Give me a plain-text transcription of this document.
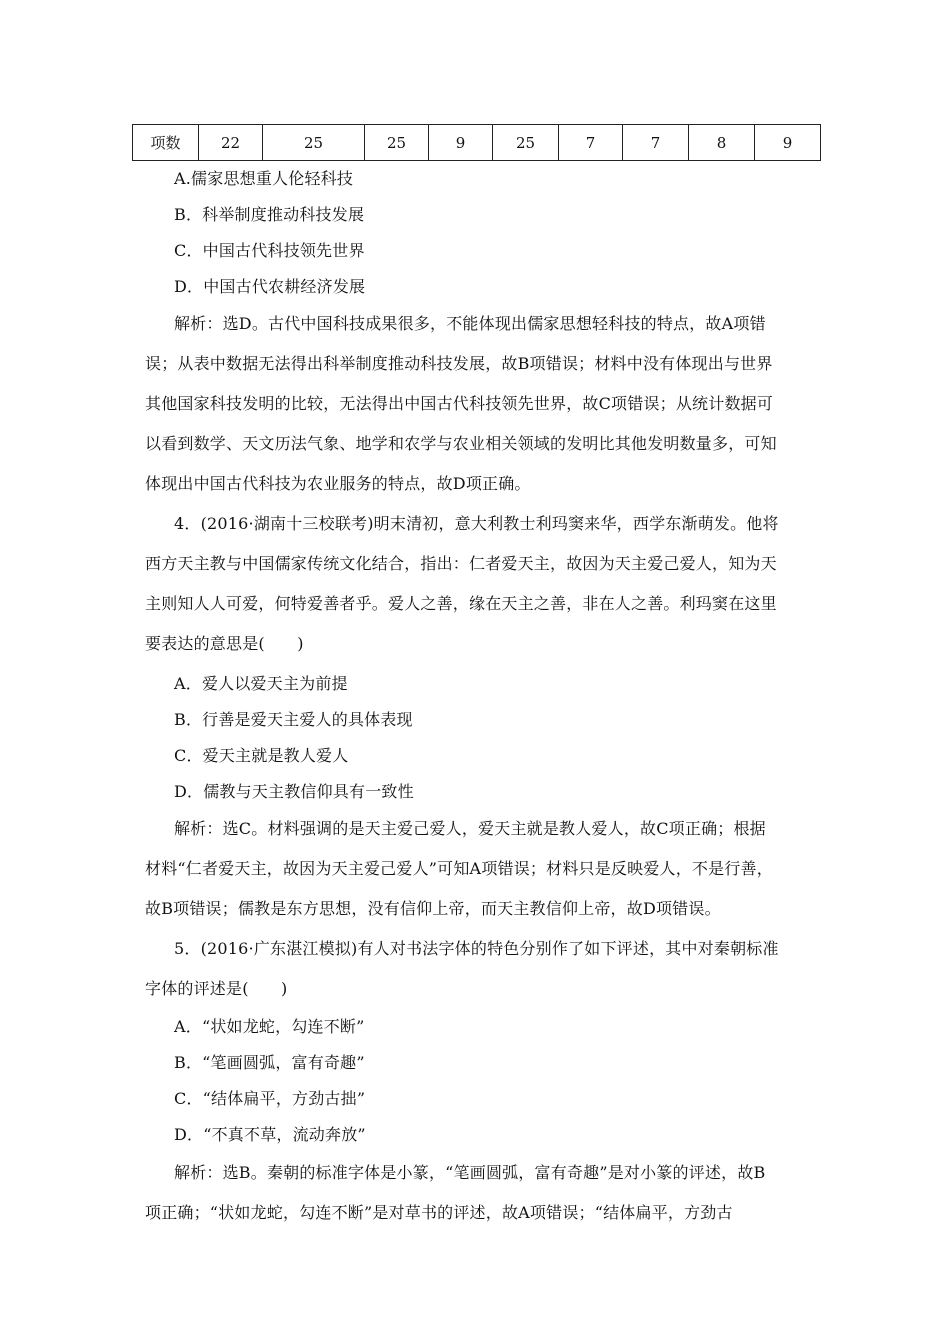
项数	22	25	25	9	25	7	7	8	9
A.儒家思想重人伦轻科技
B．科举制度推动科技发展
C．中国古代科技领先世界
D．中国古代农耕经济发展
解析：选D。古代中国科技成果很多，不能体现出儒家思想轻科技的特点，故A项错
误；从表中数据无法得出科举制度推动科技发展，故B项错误；材料中没有体现出与世界
其他国家科技发明的比较，无法得出中国古代科技领先世界，故C项错误；从统计数据可
以看到数学、天文历法气象、地学和农学与农业相关领域的发明比其他发明数量多，可知
体现出中国古代科技为农业服务的特点，故D项正确。
4．(2016·湖南十三校联考)明末清初，意大利教士利玛窦来华，西学东渐萌发。他将
西方天主教与中国儒家传统文化结合，指出：仁者爱天主，故因为天主爱己爱人，知为天
主则知人人可爱，何特爱善者乎。爱人之善，缘在天主之善，非在人之善。利玛窦在这里
要表达的意思是(　　)
A．爱人以爱天主为前提
B．行善是爱天主爱人的具体表现
C．爱天主就是教人爱人
D．儒教与天主教信仰具有一致性
解析：选C。材料强调的是天主爱己爱人，爱天主就是教人爱人，故C项正确；根据
材料“仁者爱天主，故因为天主爱己爱人”可知A项错误；材料只是反映爱人，不是行善，
故B项错误；儒教是东方思想，没有信仰上帝，而天主教信仰上帝，故D项错误。
5．(2016·广东湛江模拟)有人对书法字体的特色分别作了如下评述，其中对秦朝标准
字体的评述是(　　)
A．“状如龙蛇，勾连不断”
B．“笔画圆弧，富有奇趣”
C．“结体扁平，方劲古拙”
D．“不真不草，流动奔放”
解析：选B。秦朝的标准字体是小篆，“笔画圆弧，富有奇趣”是对小篆的评述，故B
项正确；“状如龙蛇，勾连不断”是对草书的评述，故A项错误；“结体扁平，方劲古
